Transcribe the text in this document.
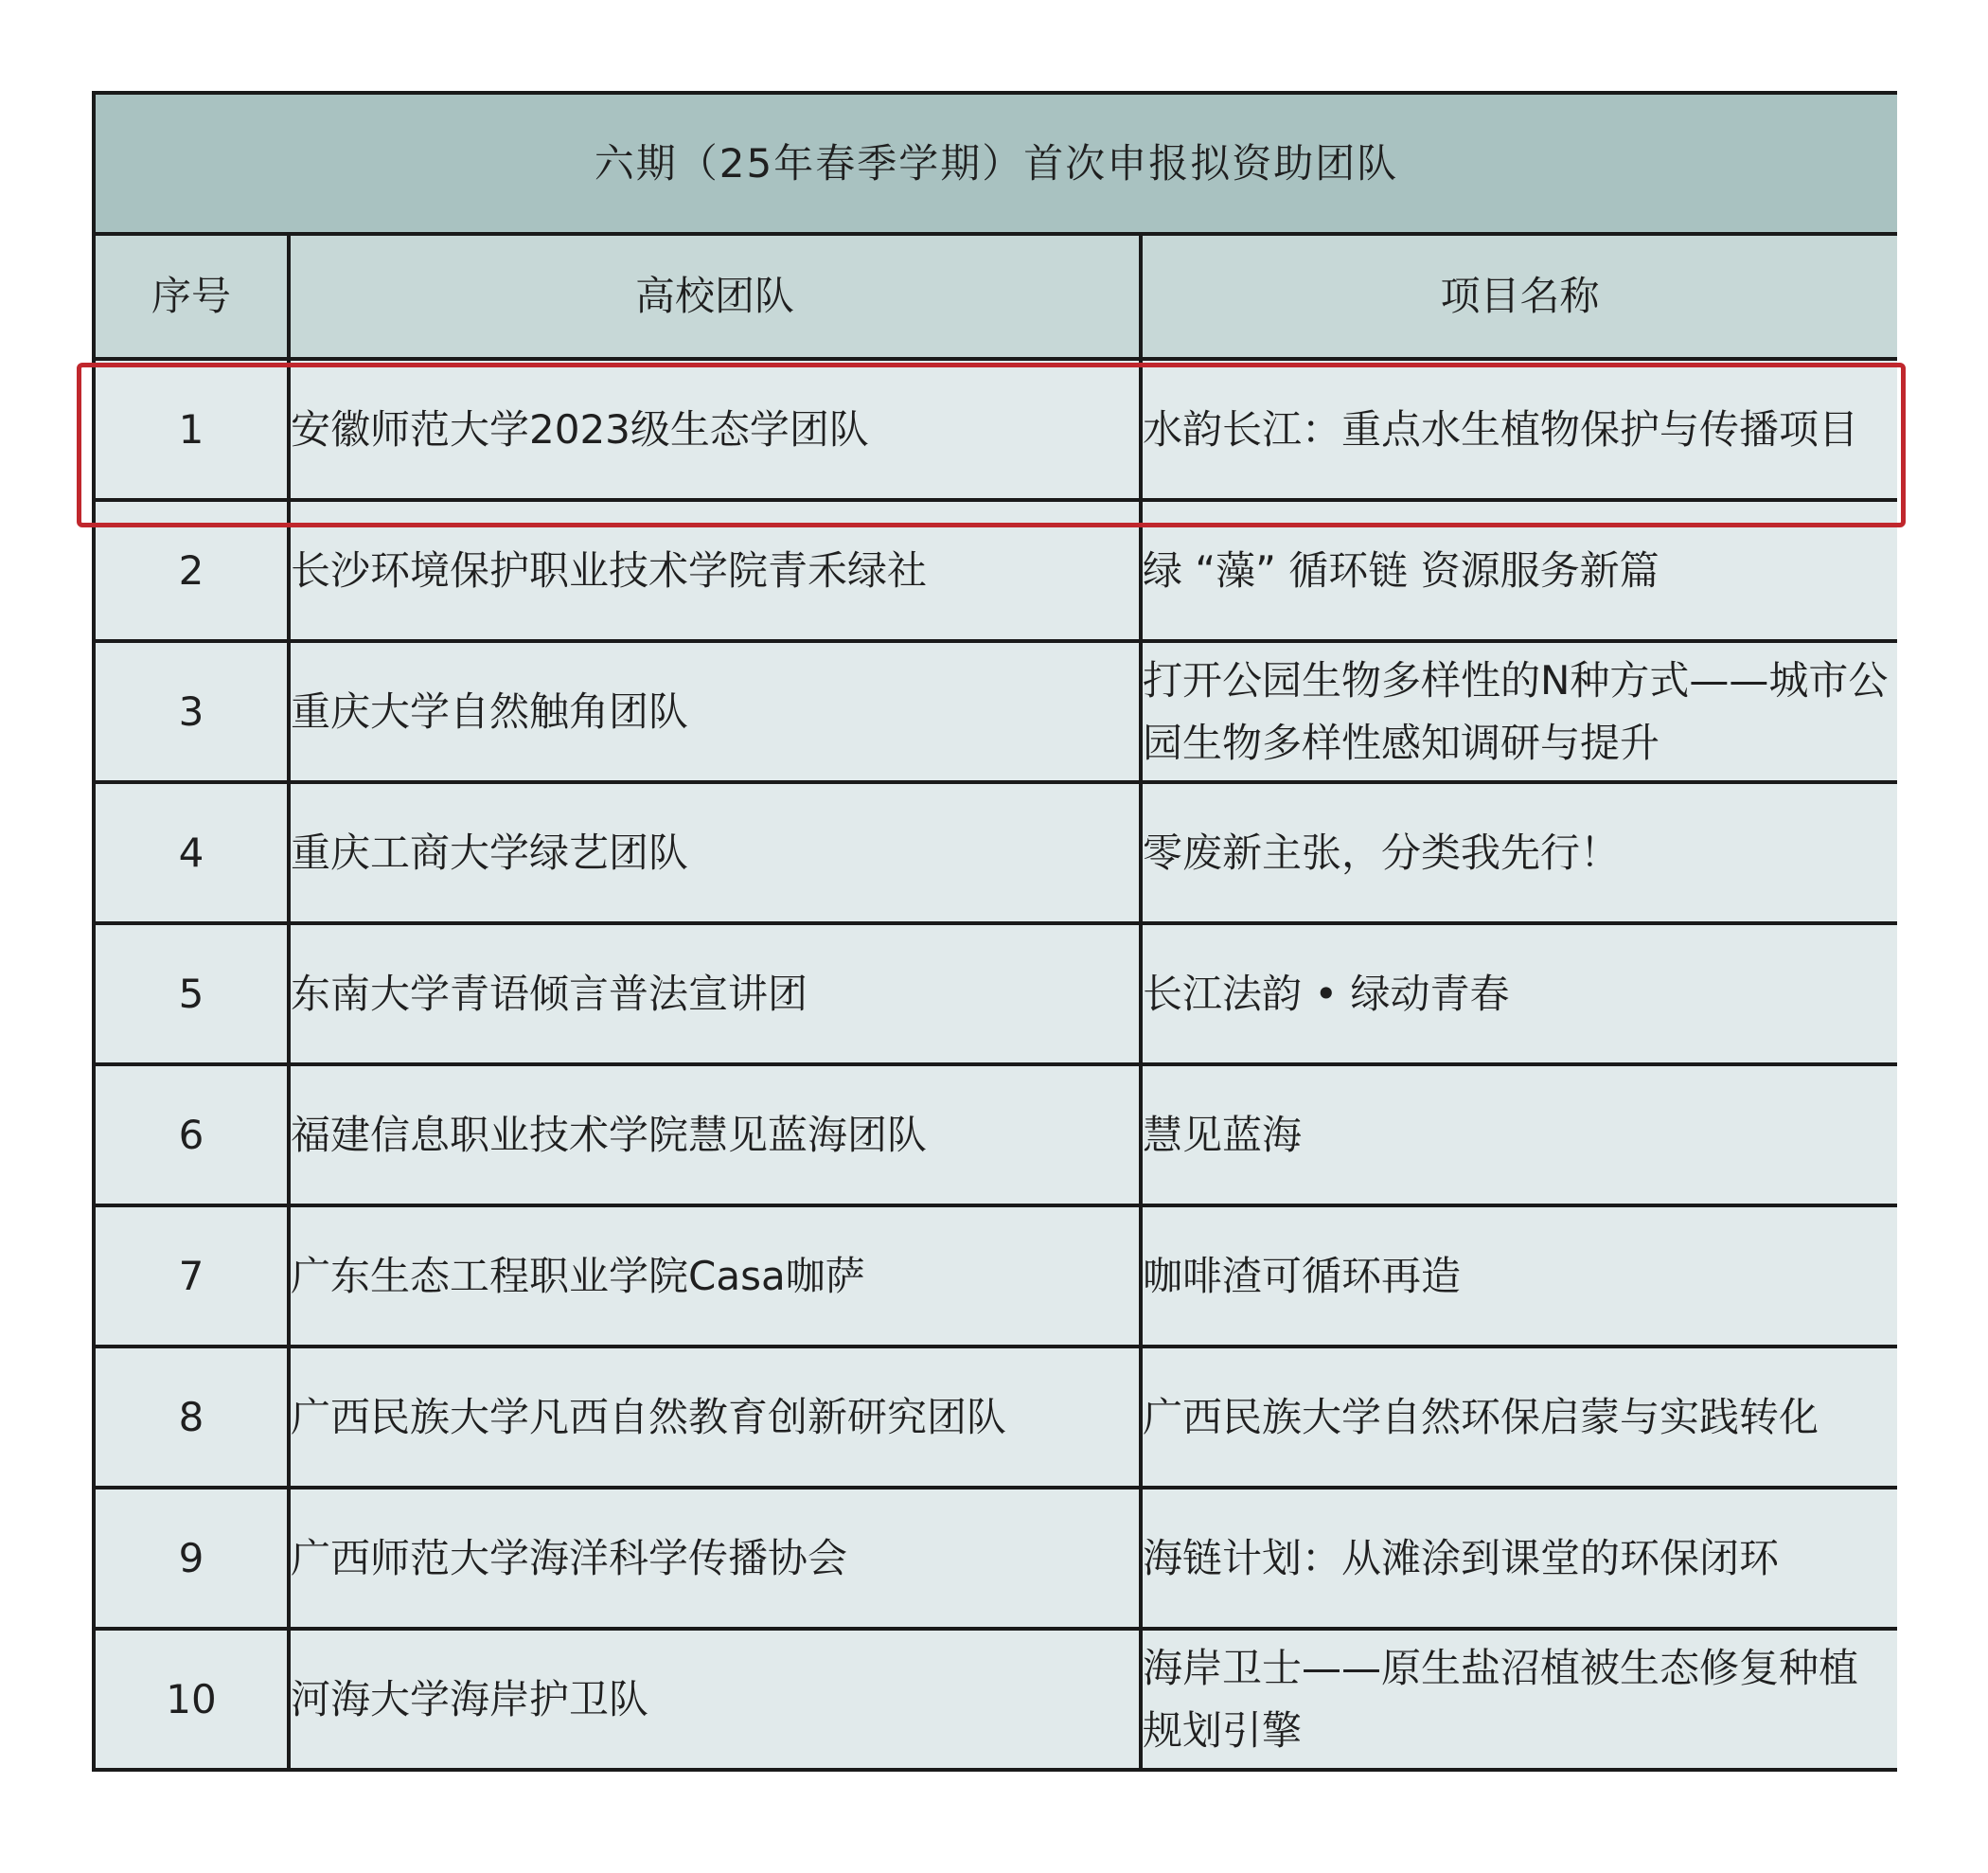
六期（25年春季学期）首次申报拟资助团队		
序号	高校团队	项目名称
1	安徽师范大学2023级生态学团队	水韵长江：重点水生植物保护与传播项目
2	长沙环境保护职业技术学院青禾绿社	绿 “藻” 循环链 资源服务新篇
3	重庆大学自然触角团队	打开公园生物多样性的N种方式——城市公园生物多样性感知调研与提升
4	重庆工商大学绿艺团队	零废新主张，分类我先行！
5	东南大学青语倾言普法宣讲团	长江法韵 • 绿动青春
6	福建信息职业技术学院慧见蓝海团队	慧见蓝海
7	广东生态工程职业学院Casa咖萨	咖啡渣可循环再造
8	广西民族大学凡西自然教育创新研究团队	广西民族大学自然环保启蒙与实践转化
9	广西师范大学海洋科学传播协会	海链计划：从滩涂到课堂的环保闭环
10	河海大学海岸护卫队	海岸卫士——原生盐沼植被生态修复种植规划引擎
